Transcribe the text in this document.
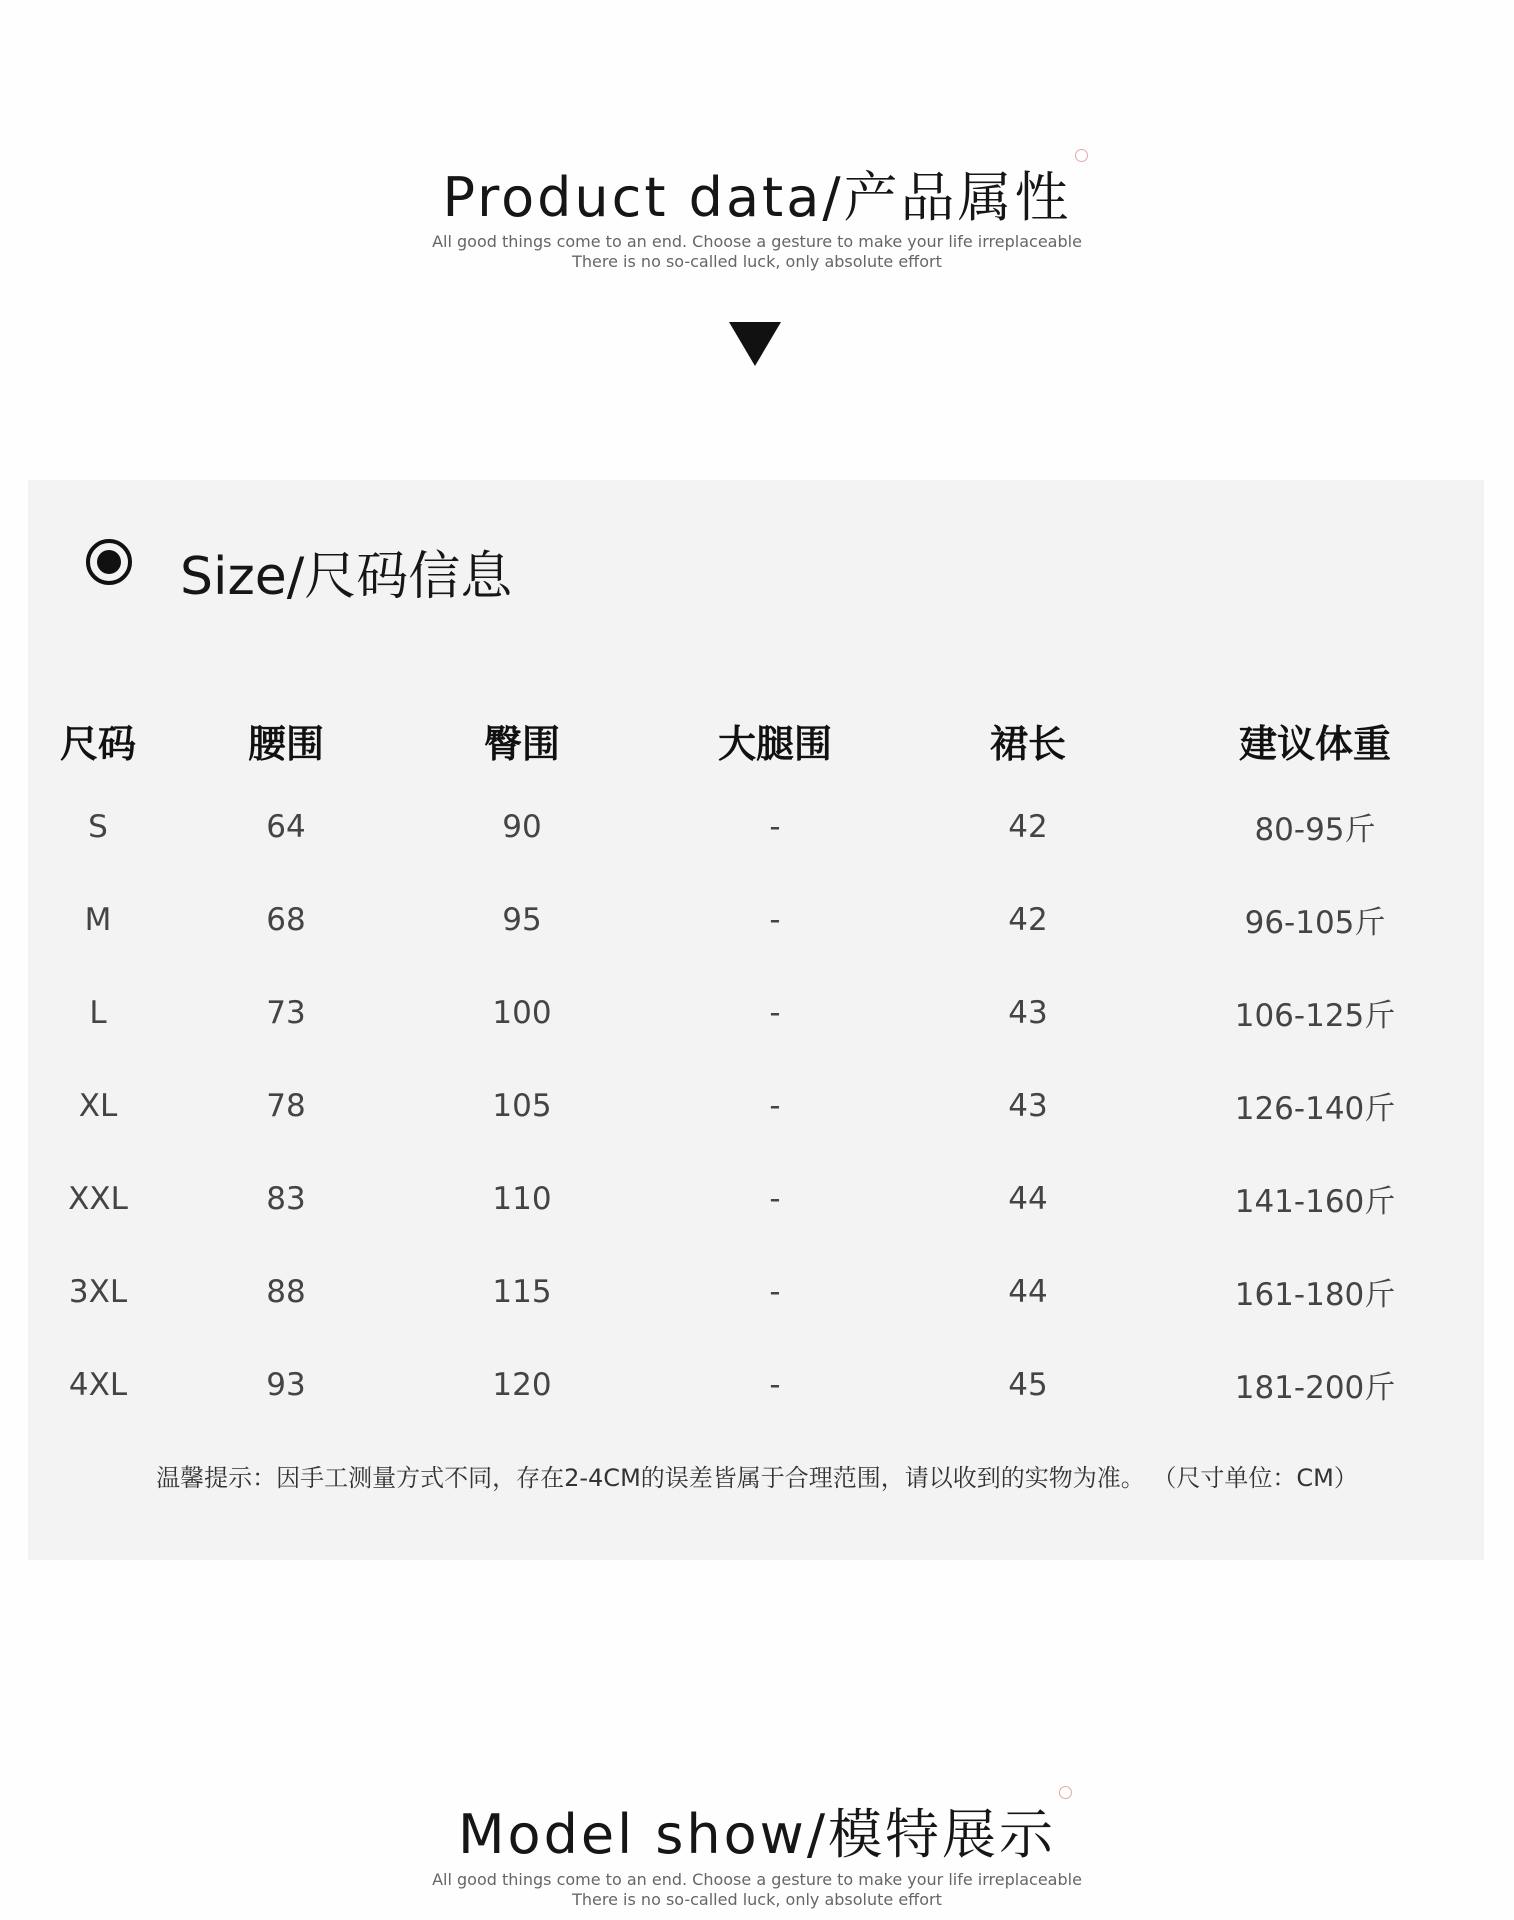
Product data/产品属性
All good things come to an end. Choose a gesture to make your life irreplaceable
There is no so-called luck, only absolute effort
Size/尺码信息
尺码	腰围	臀围	大腿围	裙长	建议体重
S	64	90	-	42	80-95斤
M	68	95	-	42	96-105斤
L	73	100	-	43	106-125斤
XL	78	105	-	43	126-140斤
XXL	83	110	-	44	141-160斤
3XL	88	115	-	44	161-180斤
4XL	93	120	-	45	181-200斤
温馨提示：因手工测量方式不同，存在2-4CM的误差皆属于合理范围，请以收到的实物为准。 （尺寸单位：CM）
Model show/模特展示
All good things come to an end. Choose a gesture to make your life irreplaceable
There is no so-called luck, only absolute effort
